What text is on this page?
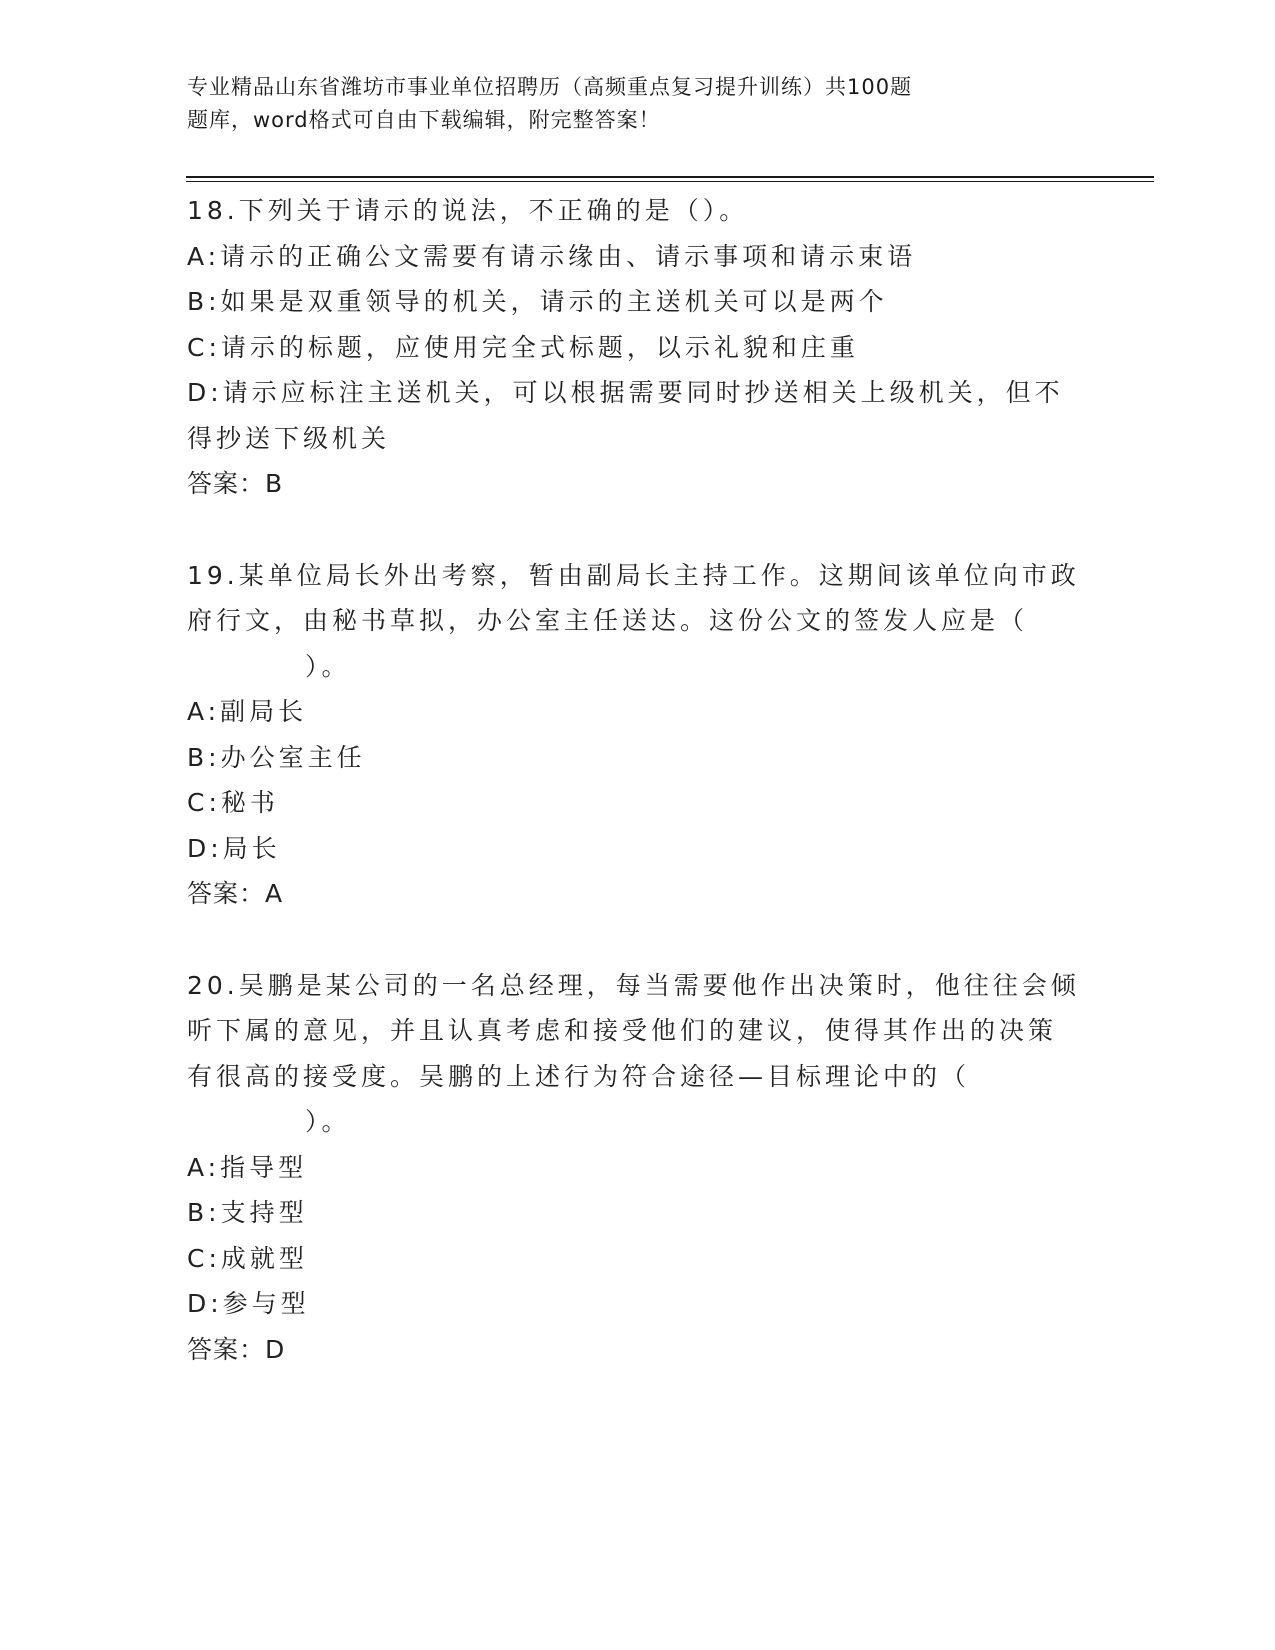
专业精品山东省潍坊市事业单位招聘历（高频重点复习提升训练）共100题
题库，word格式可自由下载编辑，附完整答案！
18.下列关于请示的说法，不正确的是（）。
A:请示的正确公文需要有请示缘由、请示事项和请示束语
B:如果是双重领导的机关，请示的主送机关可以是两个
C:请示的标题，应使用完全式标题，以示礼貌和庄重
D:请示应标注主送机关，可以根据需要同时抄送相关上级机关，但不
得抄送下级机关
答案：B
19.某单位局长外出考察，暂由副局长主持工作。这期间该单位向市政
府行文，由秘书草拟，办公室主任送达。这份公文的签发人应是（
）。
A:副局长
B:办公室主任
C:秘书
D:局长
答案：A
20.吴鹏是某公司的一名总经理，每当需要他作出决策时，他往往会倾
听下属的意见，并且认真考虑和接受他们的建议，使得其作出的决策
有很高的接受度。吴鹏的上述行为符合途径—目标理论中的（
）。
A:指导型
B:支持型
C:成就型
D:参与型
答案：D
